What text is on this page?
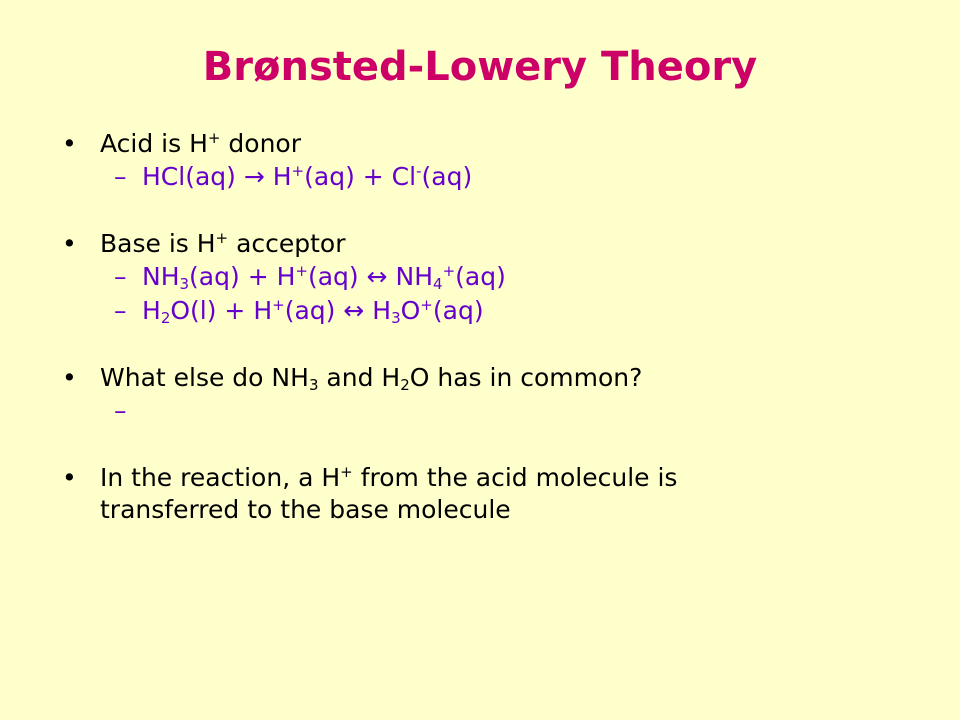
Brønsted-Lowery Theory
• Acid is H+ donor
– HCl(aq) → H+(aq) + Cl-(aq)
• Base is H+ acceptor
– $NH_3(aq) + H^+(aq)$ ↔ $NH_4^+(aq)$
– $H_2O(l) + H^+(aq)$ ↔ $H_3O^+(aq)$
• What else do $NH_3$ and $H_2O$ has in common?
–

• In the reaction, a H+ from the acid molecule is
transferred to the base molecule
